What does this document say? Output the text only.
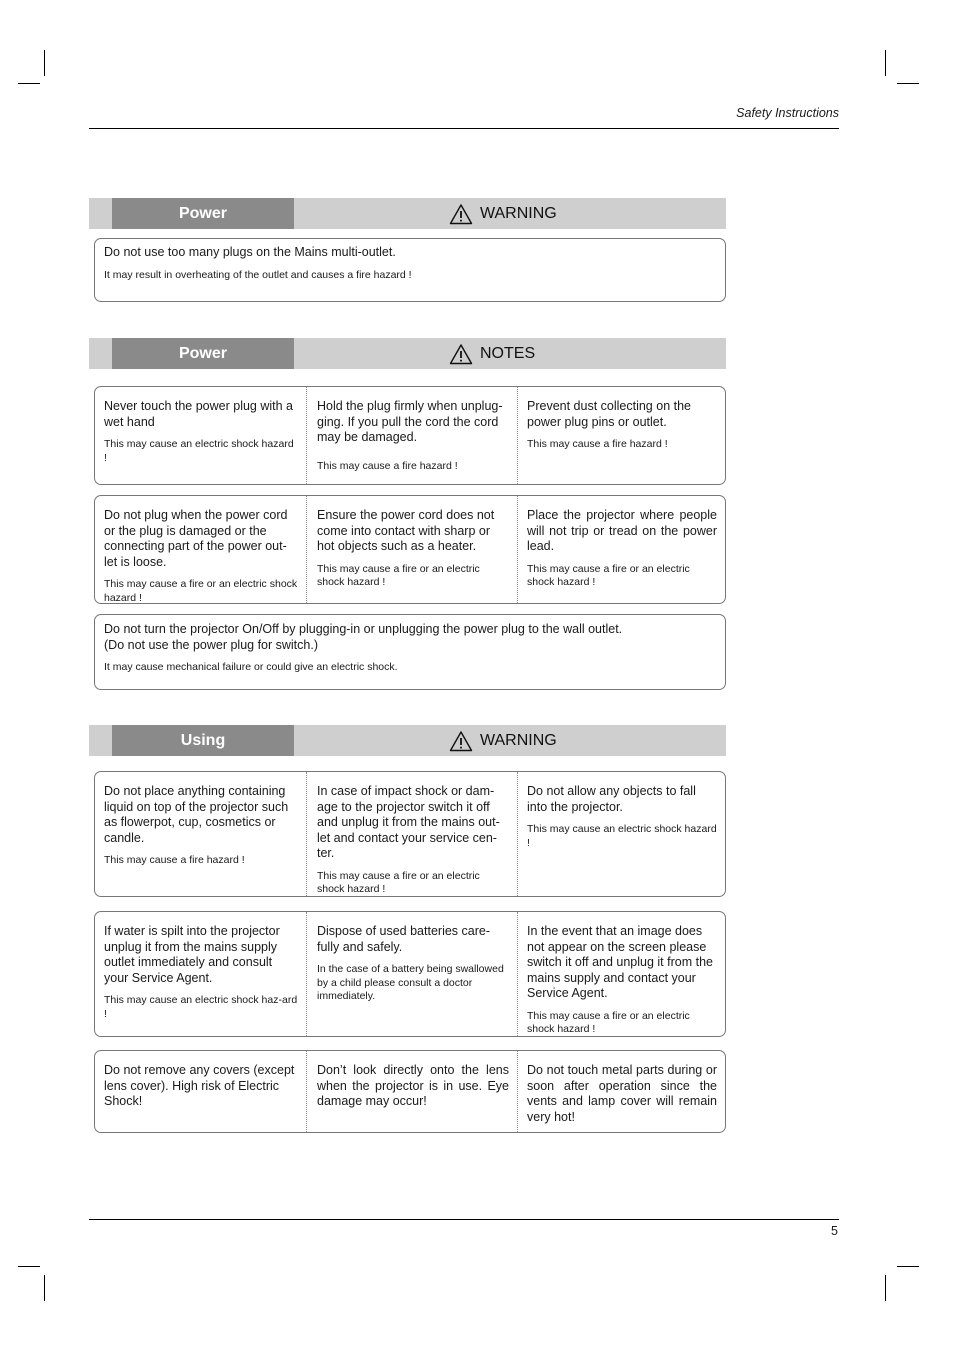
Safety Instructions
Power	WARNING
Do not use too many plugs on the Mains multi-outlet.
It may result in overheating of the outlet and causes a fire hazard !
Power	NOTES
Never touch the power plug with a wet hand
This may cause an electric shock hazard !
Hold the plug firmly when unplug-ging. If you pull the cord the cord may be damaged.
This may cause a fire hazard !
Prevent dust collecting on the power plug pins or outlet.
This may cause a fire hazard !
Do not plug when the power cord or the plug is damaged or the connecting part of the power out-let is loose.
This may cause a fire or an electric shock hazard !
Ensure the power cord does not come into contact with sharp or hot objects such as a heater.
This may cause a fire or an electric shock hazard !
Place the projector where people will not trip or tread on the power lead.
This may cause a fire or an electric shock hazard !
Do not turn the projector On/Off by plugging-in or unplugging the power plug to the wall outlet.
(Do not use the power plug for switch.)
It may cause mechanical failure or could give an electric shock.
Using	WARNING
Do not place anything containing liquid on top of the projector such as flowerpot, cup, cosmetics or candle.
This may cause a fire hazard !
In case of impact shock or dam-age to the projector switch it off and unplug it from the mains out-let and contact your service cen-ter.
This may cause a fire or an electric shock hazard !
Do not allow any objects to fall into the projector.
This may cause an electric shock hazard !
If water is spilt into the projector unplug it from the mains supply outlet immediately and consult your Service Agent.
This may cause an electric shock haz-ard !
Dispose of used batteries care-fully and safely.
In the case of a battery being swallowed by a child please consult a doctor immediately.
In the event that an image does not appear on the screen please switch it off and unplug it from the mains supply and contact your Service Agent.
This may cause a fire or an electric shock hazard !
Do not remove any covers (except lens cover). High risk of Electric Shock!
Don’t look directly onto the lens when the projector is in use. Eye damage may occur!
Do not touch metal parts during or soon after operation since the vents and lamp cover will remain very hot!
5
